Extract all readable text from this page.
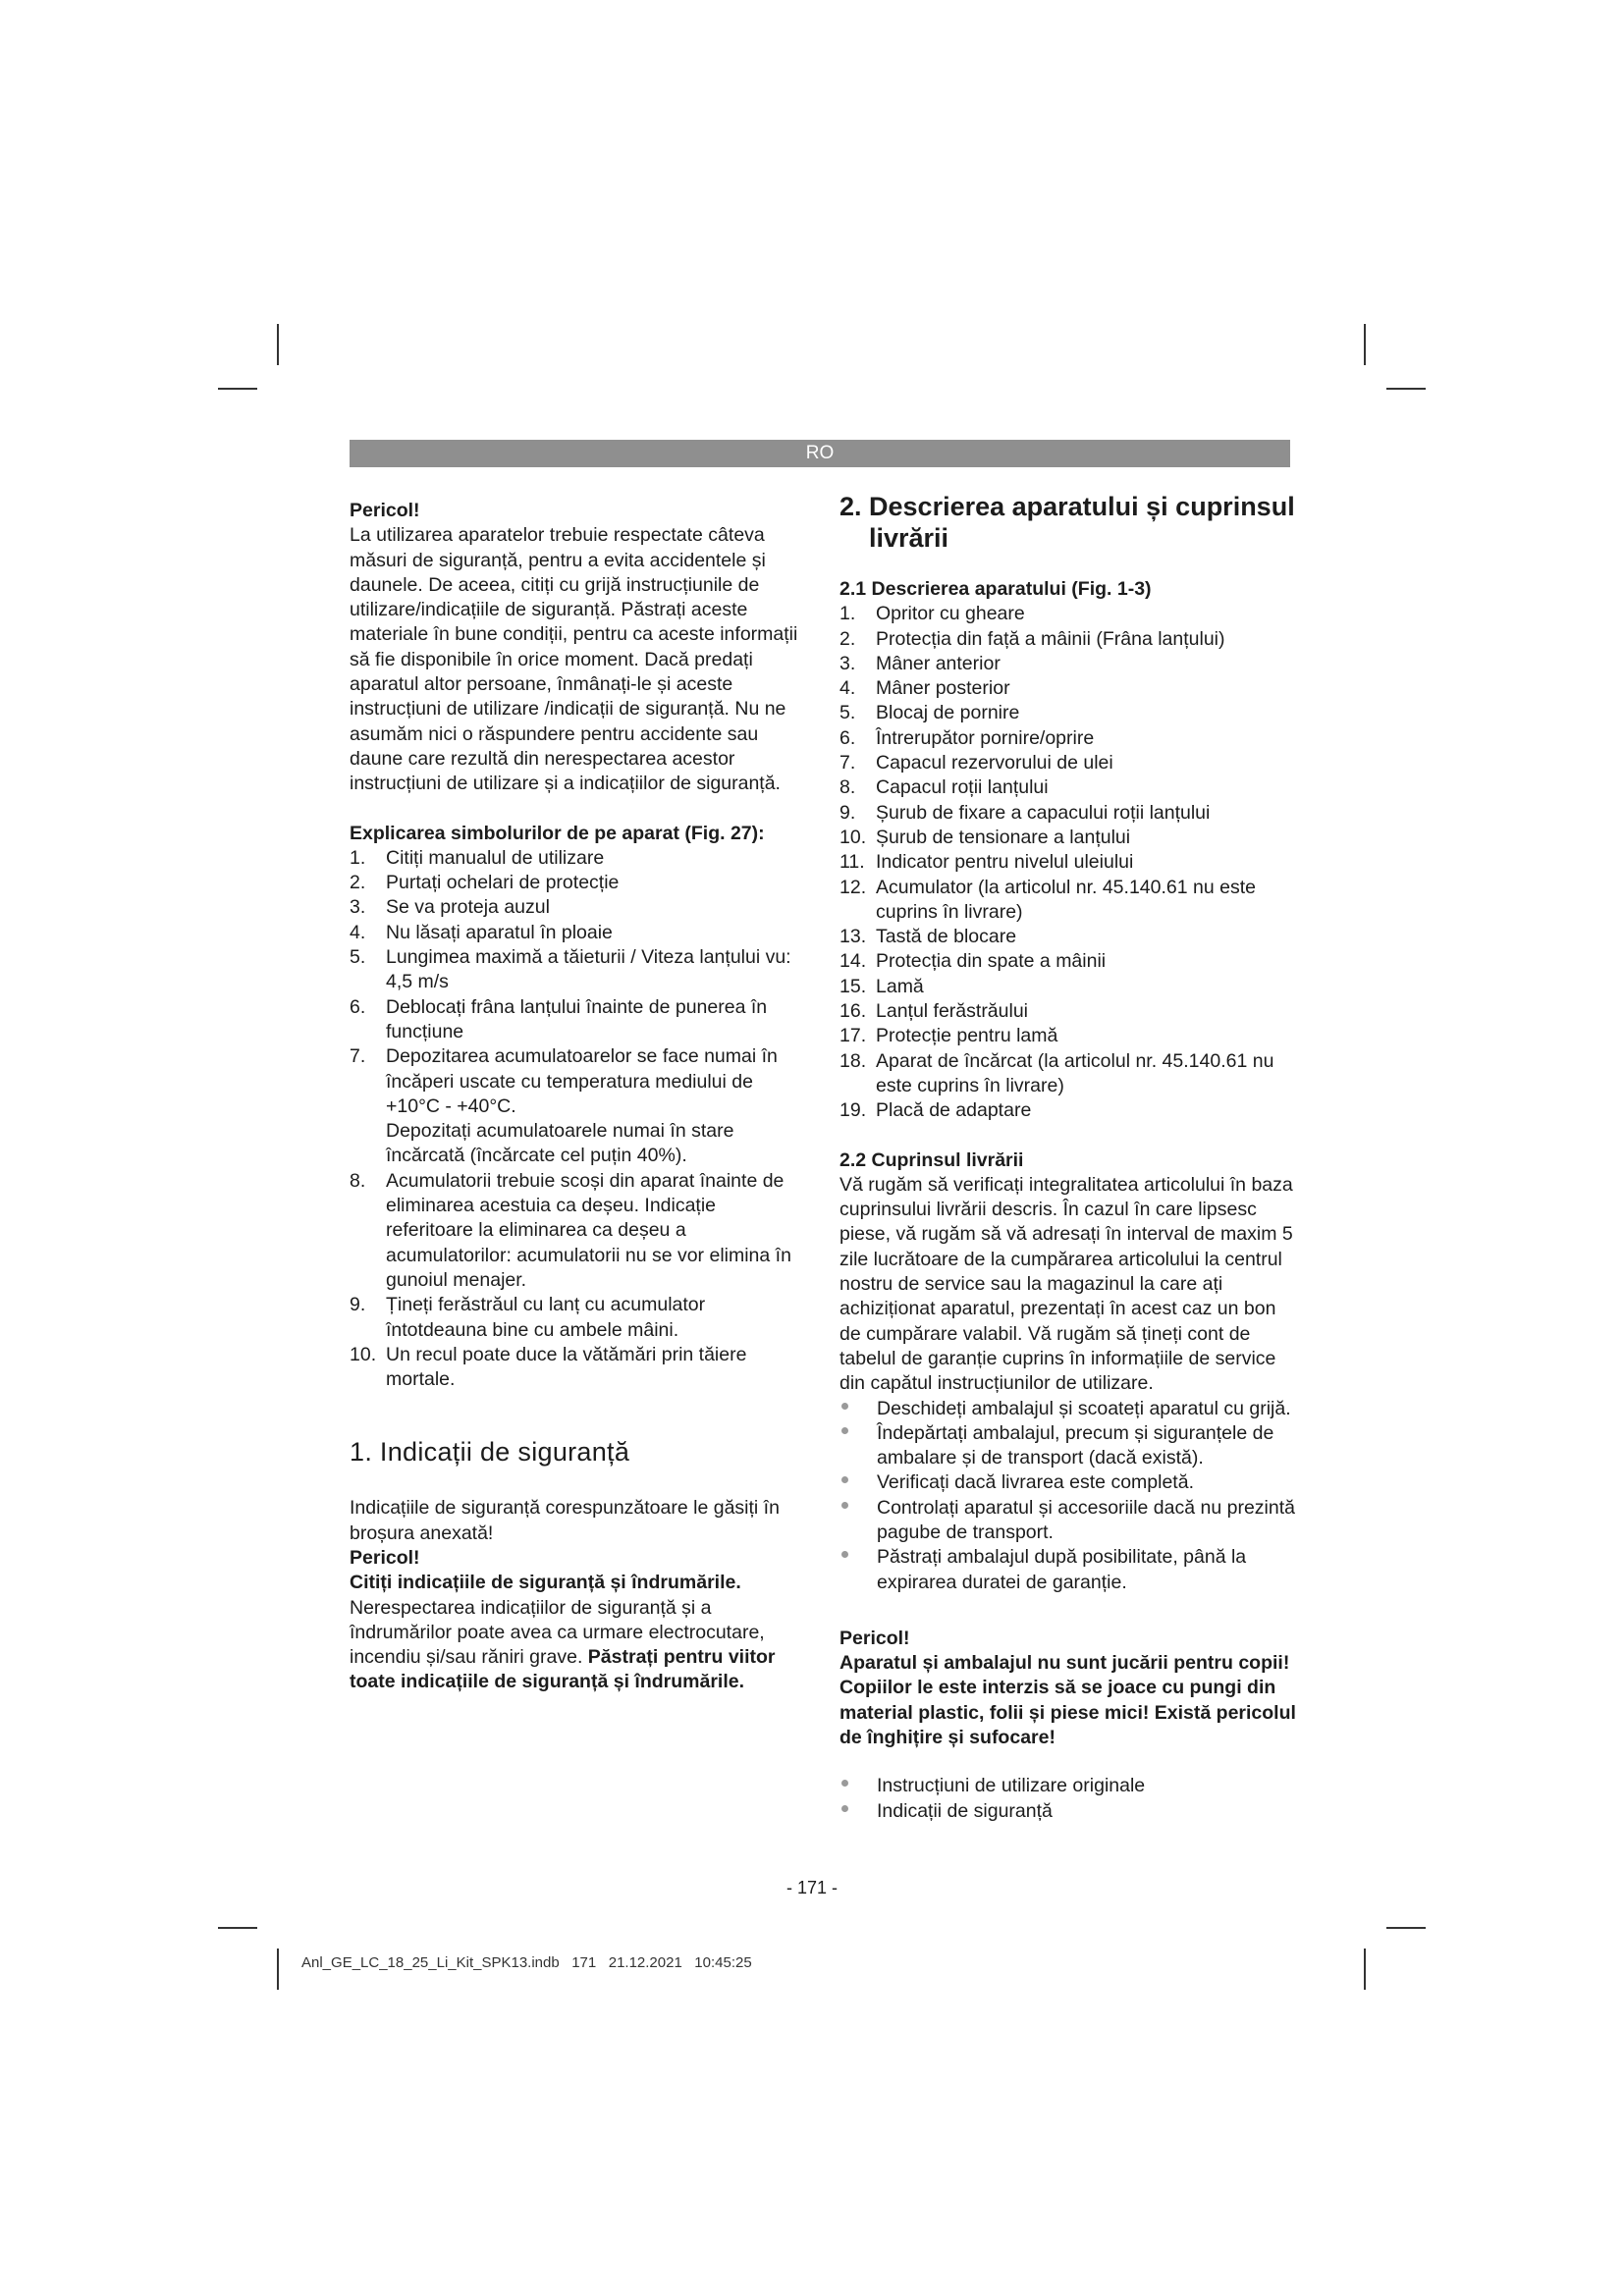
RO

Pericol!

La utilizarea aparatelor trebuie respectate câteva măsuri de siguranță, pentru a evita accidentele și daunele. De aceea, citiți cu grijă instrucțiunile de utilizare/indicațiile de siguranță. Păstrați aceste materiale în bune condiții, pentru ca aceste informații să fie disponibile în orice moment. Dacă predați aparatul altor persoane, înmânați-le și aceste instrucțiuni de utilizare /indicații de siguranță. Nu ne asumăm nici o răspundere pentru accidente sau daune care rezultă din nerespectarea acestor instrucțiuni de utilizare și a indicațiilor de siguranță.

Explicarea simbolurilor de pe aparat (Fig. 27):

1. Citiți manualul de utilizare
2. Purtați ochelari de protecție
3. Se va proteja auzul
4. Nu lăsați aparatul în ploaie
5. Lungimea maximă a tăieturii / Viteza lanțului vu: 4,5 m/s
6. Deblocați frâna lanțului înainte de punerea în funcțiune
7. Depozitarea acumulatoarelor se face numai în încăperi uscate cu temperatura mediului de +10°C - +40°C.
Depozitați acumulatoarele numai în stare încărcată (încărcate cel puțin 40%).
8. Acumulatorii trebuie scoși din aparat înainte de eliminarea acestuia ca deșeu. Indicație referitoare la eliminarea ca deșeu a acumulatorilor: acumulatorii nu se vor elimina în gunoiul menajer.
9. Țineți ferăstrăul cu lanț cu acumulator întotdeauna bine cu ambele mâini.
10. Un recul poate duce la vătămări prin tăiere mortale.
1. Indicații de siguranță

Indicațiile de siguranță corespunzătoare le găsiți în broșura anexată!

Pericol!

Citiți indicațiile de siguranță și îndrumările. Nerespectarea indicațiilor de siguranță și a îndrumărilor poate avea ca urmare electrocutare, incendiu și/sau răniri grave. Păstrați pentru viitor toate indicațiile de siguranță și îndrumările.

2. Descrierea aparatului și cuprinsul
livrării

2.1 Descrierea aparatului (Fig. 1-3)

1. Opritor cu gheare
2. Protecția din față a mâinii (Frâna lanțului)
3. Mâner anterior
4. Mâner posterior
5. Blocaj de pornire
6. Întrerupător pornire/oprire
7. Capacul rezervorului de ulei
8. Capacul roții lanțului
9. Șurub de fixare a capacului roții lanțului
10. Șurub de tensionare a lanțului
11. Indicator pentru nivelul uleiului
12. Acumulator (la articolul nr. 45.140.61 nu este cuprins în livrare)
13. Tastă de blocare
14. Protecția din spate a mâinii
15. Lamă
16. Lanțul ferăstrăului
17. Protecție pentru lamă
18. Aparat de încărcat (la articolul nr. 45.140.61 nu este cuprins în livrare)
19. Placă de adaptare

2.2 Cuprinsul livrării

Vă rugăm să verificați integralitatea articolului în baza cuprinsului livrării descris. În cazul în care lipsesc piese, vă rugăm să vă adresați în interval de maxim 5 zile lucrătoare de la cumpărarea articolului la centrul nostru de service sau la magazinul la care ați achiziționat aparatul, prezentați în acest caz un bon de cumpărare valabil. Vă rugăm să țineți cont de tabelul de garanție cuprins în informațiile de service din capătul instrucțiunilor de utilizare.

Deschideți ambalajul și scoateți aparatul cu grijă.
Îndepărtați ambalajul, precum și siguranțele de ambalare și de transport (dacă există).
Verificați dacă livrarea este completă.
Controlați aparatul și accesoriile dacă nu prezintă pagube de transport.
Păstrați ambalajul după posibilitate, până la expirarea duratei de garanție.

Pericol!

Aparatul și ambalajul nu sunt jucării pentru copii! Copiilor le este interzis să se joace cu pungi din material plastic, folii și piese mici! Există pericolul de înghițire și sufocare!

Instrucțiuni de utilizare originale
Indicații de siguranță
- 171 -
Anl_GE_LC_18_25_Li_Kit_SPK13.indb   171   21.12.2021   10:45:25
